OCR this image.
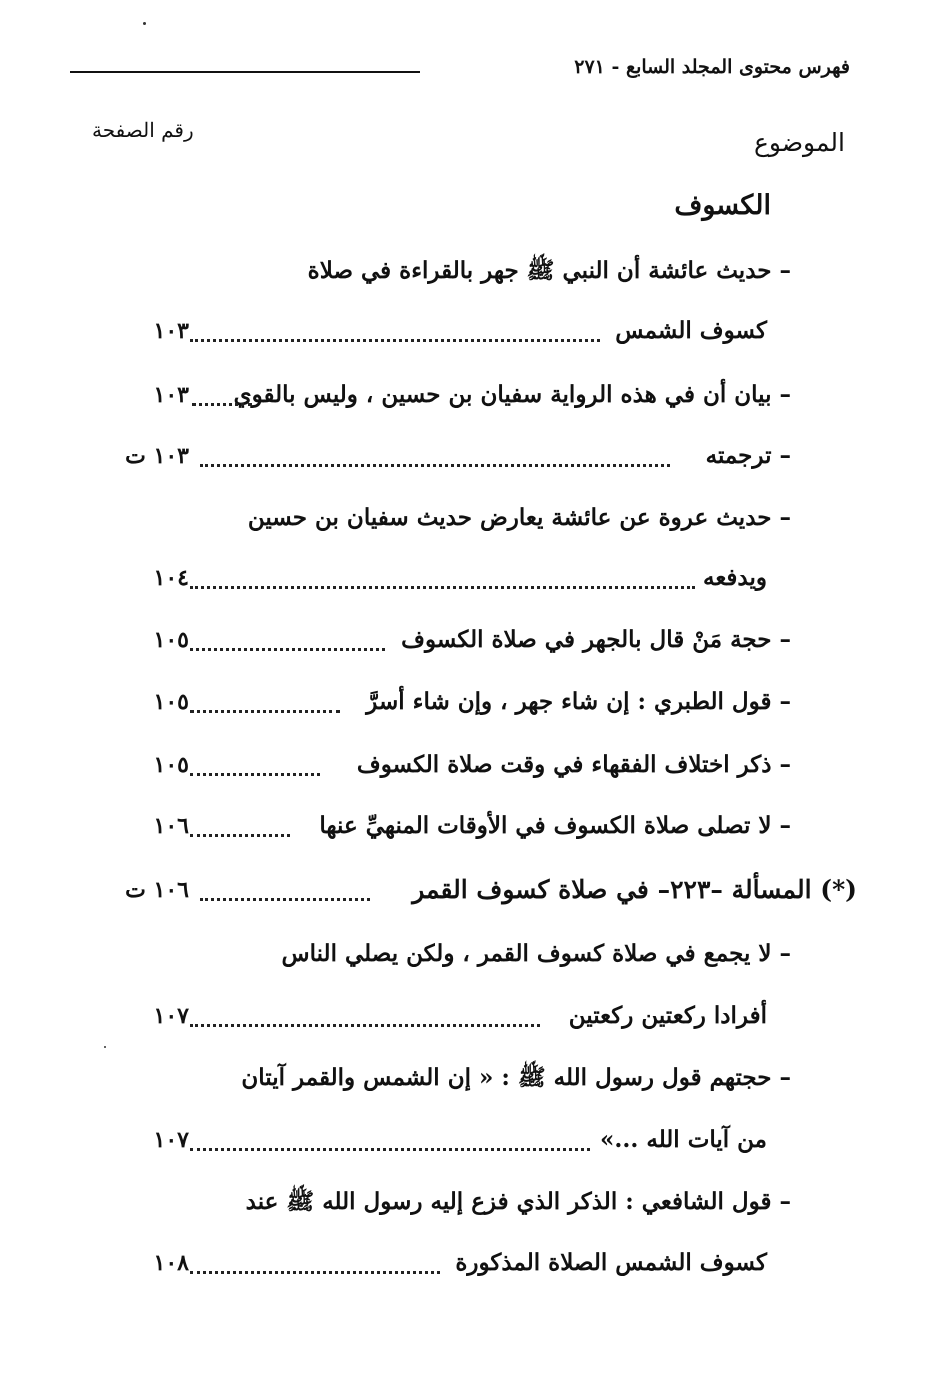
فهرس محتوى المجلد السابع - ٢٧١
الموضوع
رقم الصفحة
الكسوف
– حديث عائشة أن النبي ﷺ جهر بالقراءة في صلاة
كسوف الشمس
١٠٣
– بيان أن في هذه الرواية سفيان بن حسين ، وليس بالقوي
١٠٣
– ترجمته
١٠٣ ت
– حديث عروة عن عائشة يعارض حديث سفيان بن حسين
ويدفعه
١٠٤
– حجة مَنْ قال بالجهر في صلاة الكسوف
١٠٥
– قول الطبري : إن شاء جهر ، وإن شاء أسرَّ
١٠٥
– ذكر اختلاف الفقهاء في وقت صلاة الكسوف
١٠٥
– لا تصلى صلاة الكسوف في الأوقات المنهيِّ عنها
١٠٦
(*) المسألة –٢٢٣– في صلاة كسوف القمر
١٠٦ ت
– لا يجمع في صلاة كسوف القمر ، ولكن يصلي الناس
أفرادا ركعتين ركعتين
١٠٧
– حجتهم قول رسول الله ﷺ : « إن الشمس والقمر آيتان
من آيات الله ...»
١٠٧
– قول الشافعي : الذكر الذي فزع إليه رسول الله ﷺ عند
كسوف الشمس الصلاة المذكورة
١٠٨
